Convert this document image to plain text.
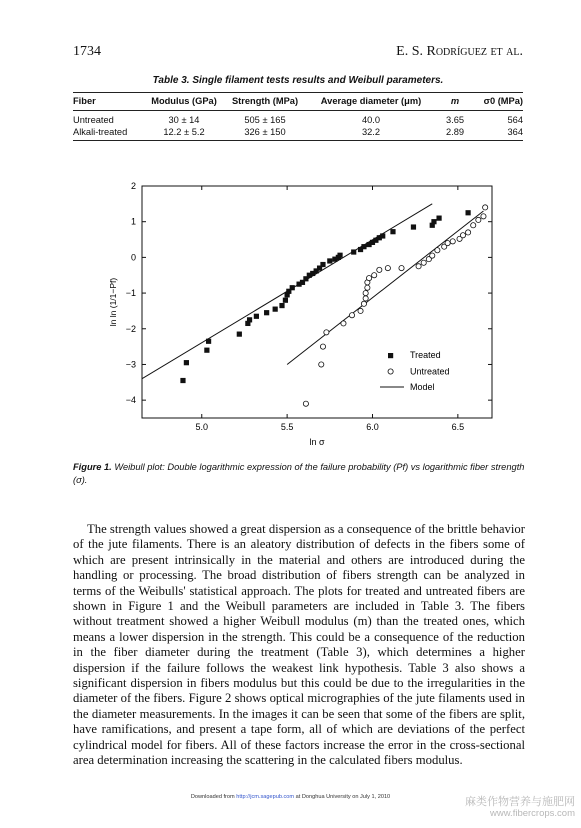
1734	E. S. Rodríguez et al.
Table 3. Single filament tests results and Weibull parameters.
Fiber	Modulus (GPa)	Strength (MPa)	Average diameter (μm)	m	σ0 (MPa)
Untreated	30 ± 14	505 ± 165	40.0	3.65	564
Alkali-treated	12.2 ± 5.2	326 ± 150	32.2	2.89	364
5.0	5.5	6.0	6.5
2
1
0
−1
−2
−3
−4
ln σ
ln ln (1/1−Pf)
Treated
Untreated
Model
Figure 1. Weibull plot: Double logarithmic expression of the failure probability (Pf) vs logarithmic fiber strength (σ).

The strength values showed a great dispersion as a consequence of the brittle behavior of the jute filaments. There is an aleatory distribution of defects in the fibers some of which are present intrinsically in the material and others are introduced during the handling or processing. The broad distribution of fibers strength can be analyzed in terms of the Weibulls' statistical approach. The plots for treated and untreated fibers are shown in Figure 1 and the Weibull parameters are included in Table 3. The fibers without treatment showed a higher Weibull modulus (m) than the treated ones, which means a lower dispersion in the strength. This could be a consequence of the reduction in the fiber diameter during the treatment (Table 3), which determines a higher dispersion if the failure follows the weakest link hypothesis. Table 3 also shows a significant dispersion in fibers modulus but this could be due to the irregularities in the diameter of the fibers. Figure 2 shows optical micrographies of the jute filaments used in the diameter measurements. In the images it can be seen that some of the fibers are split, have ramifications, and present a tape form, all of which are deviations of the perfect cylindrical model for fibers. All of these factors increase the error in the cross-sectional area determination increasing the scattering in the calculated fibers modulus.

Downloaded from http://jcm.sagepub.com at Donghua University on July 1, 2010	麻类作物营养与施肥网
www.fibercrops.com
